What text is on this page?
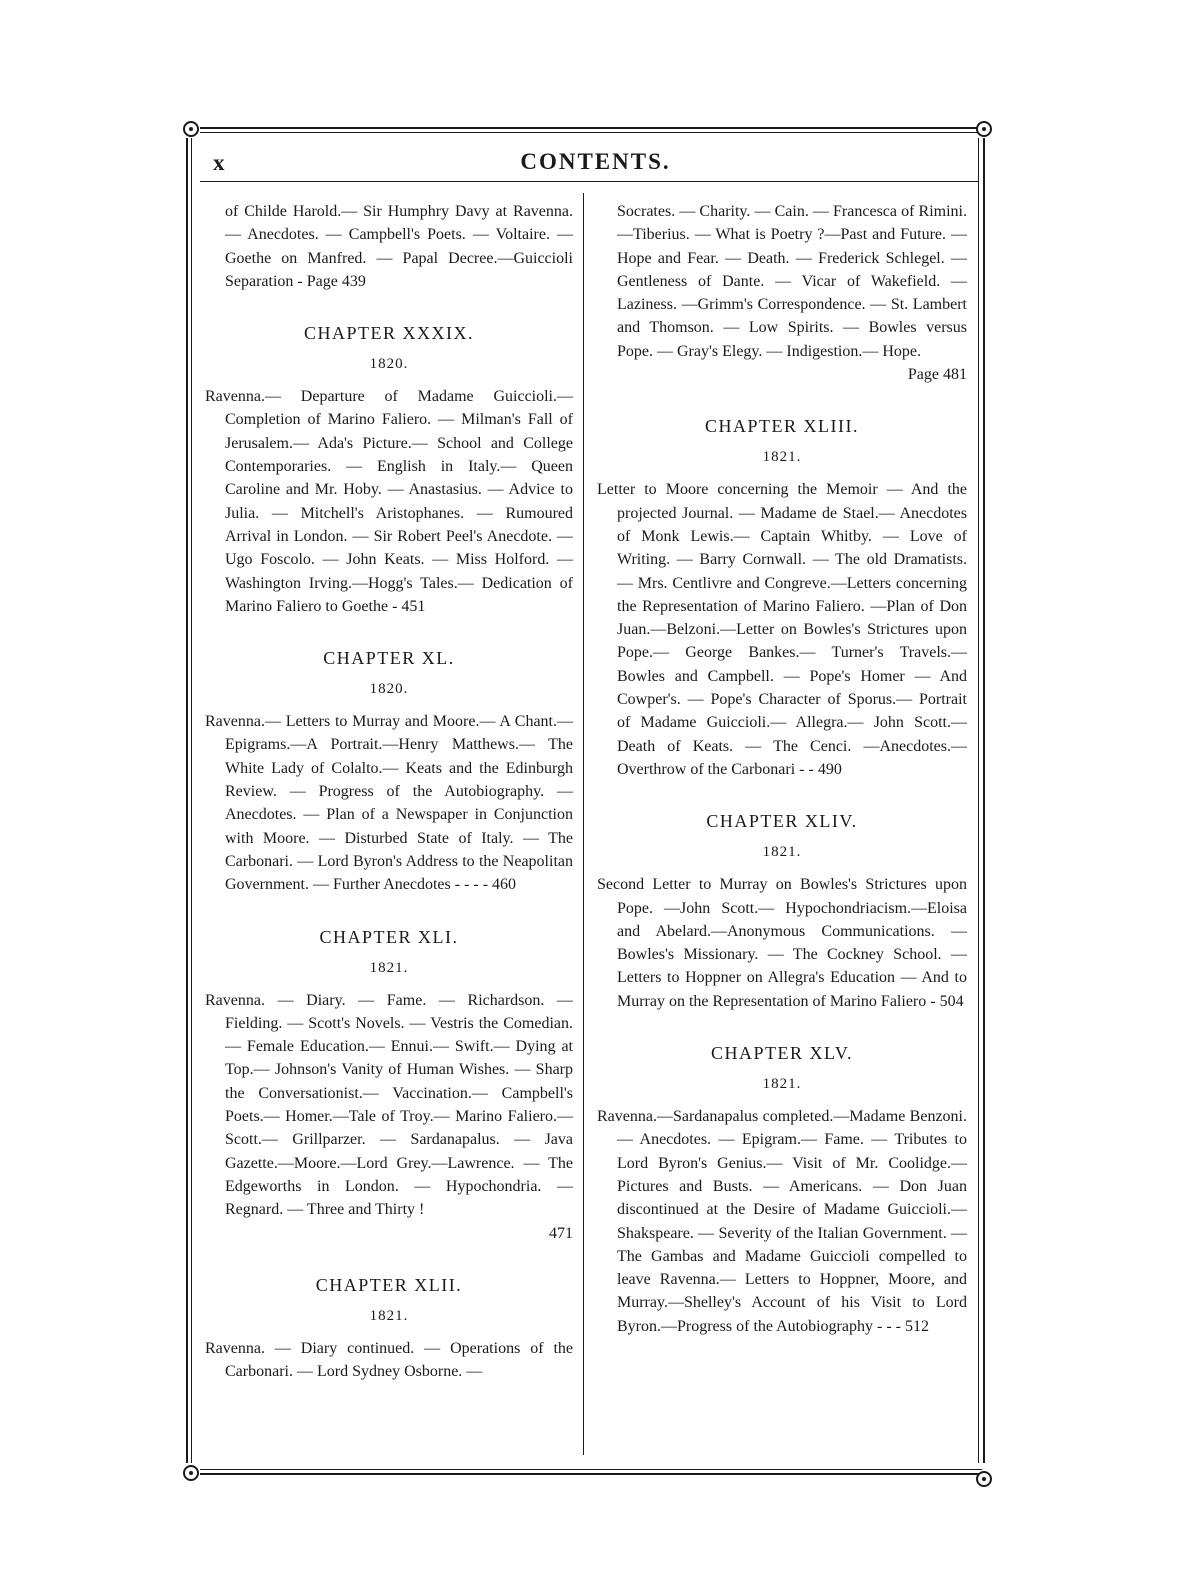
x	CONTENTS.

of Childe Harold.— Sir Humphry Davy at Ravenna. — Anecdotes. — Campbell's Poets. — Voltaire. — Goethe on Manfred. — Papal Decree.—Guiccioli Separation - Page 439

CHAPTER XXXIX.

1820.

Ravenna.— Departure of Madame Guiccioli.— Completion of Marino Faliero. — Milman's Fall of Jerusalem.— Ada's Picture.— School and College Contemporaries. — English in Italy.— Queen Caroline and Mr. Hoby. — Anastasius. — Advice to Julia. — Mitchell's Aristophanes. — Rumoured Arrival in London. — Sir Robert Peel's Anecdote. — Ugo Foscolo. — John Keats. — Miss Holford. — Washington Irving.—Hogg's Tales.— Dedication of Marino Faliero to Goethe - 451

CHAPTER XL.

1820.

Ravenna.— Letters to Murray and Moore.— A Chant.— Epigrams.—A Portrait.—Henry Matthews.— The White Lady of Colalto.— Keats and the Edinburgh Review. — Progress of the Autobiography. — Anecdotes. — Plan of a Newspaper in Conjunction with Moore. — Disturbed State of Italy. — The Carbonari. — Lord Byron's Address to the Neapolitan Government. — Further Anecdotes - - - - 460

CHAPTER XLI.

1821.

Ravenna. — Diary. — Fame. — Richardson. — Fielding. — Scott's Novels. — Vestris the Comedian.— Female Education.— Ennui.— Swift.— Dying at Top.— Johnson's Vanity of Human Wishes. — Sharp the Conversationist.— Vaccination.— Campbell's Poets.— Homer.—Tale of Troy.— Marino Faliero.— Scott.— Grillparzer. — Sardanapalus. — Java Gazette.—Moore.—Lord Grey.—Lawrence. — The Edgeworths in London. — Hypochondria. — Regnard. — Three and Thirty !

471

CHAPTER XLII.

1821.

Ravenna. — Diary continued. — Operations of the Carbonari. — Lord Sydney Osborne. —

Socrates. — Charity. — Cain. — Francesca of Rimini. —Tiberius. — What is Poetry ?—Past and Future. — Hope and Fear. — Death. — Frederick Schlegel. — Gentleness of Dante. — Vicar of Wakefield. — Laziness. —Grimm's Correspondence. — St. Lambert and Thomson. — Low Spirits. — Bowles versus Pope. — Gray's Elegy. — Indigestion.— Hope.

Page 481

CHAPTER XLIII.

1821.

Letter to Moore concerning the Memoir — And the projected Journal. — Madame de Stael.— Anecdotes of Monk Lewis.— Captain Whitby. — Love of Writing. — Barry Cornwall. — The old Dramatists. — Mrs. Centlivre and Congreve.—Letters concerning the Representation of Marino Faliero. —Plan of Don Juan.—Belzoni.—Letter on Bowles's Strictures upon Pope.— George Bankes.— Turner's Travels.— Bowles and Campbell. — Pope's Homer — And Cowper's. — Pope's Character of Sporus.— Portrait of Madame Guiccioli.— Allegra.— John Scott.— Death of Keats. — The Cenci. —Anecdotes.—Overthrow of the Carbonari - - 490

CHAPTER XLIV.

1821.

Second Letter to Murray on Bowles's Strictures upon Pope. —John Scott.— Hypochondriacism.—Eloisa and Abelard.—Anonymous Communications. — Bowles's Missionary. — The Cockney School. — Letters to Hoppner on Allegra's Education — And to Murray on the Representation of Marino Faliero - 504

CHAPTER XLV.

1821.

Ravenna.—Sardanapalus completed.—Madame Benzoni.— Anecdotes. — Epigram.— Fame. — Tributes to Lord Byron's Genius.— Visit of Mr. Coolidge.— Pictures and Busts. — Americans. — Don Juan discontinued at the Desire of Madame Guiccioli.— Shakspeare. — Severity of the Italian Government. — The Gambas and Madame Guiccioli compelled to leave Ravenna.— Letters to Hoppner, Moore, and Murray.—Shelley's Account of his Visit to Lord Byron.—Progress of the Autobiography - - - 512
